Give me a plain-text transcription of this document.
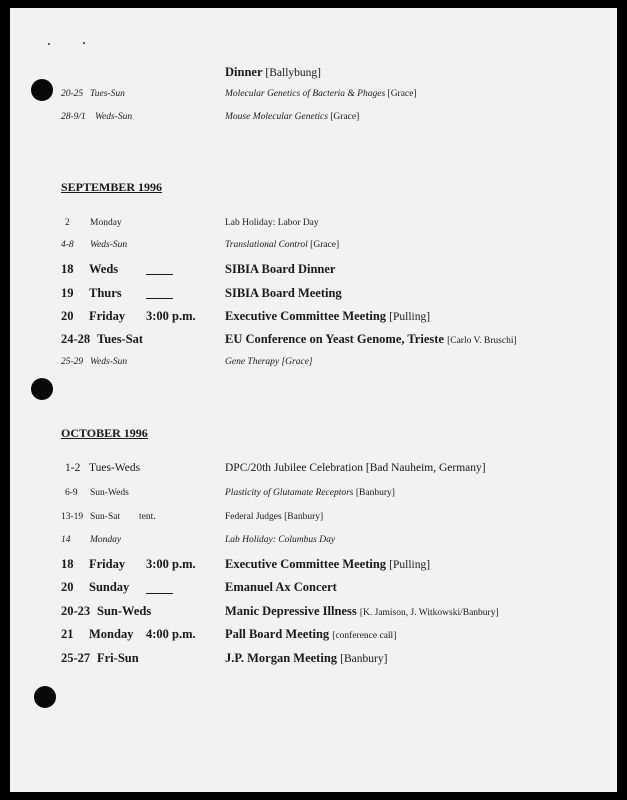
Dinner [Ballybung]
20-25 Tues-Sun	Molecular Genetics of Bacteria & Phages [Grace]
28-9/1 Weds-Sun	Mouse Molecular Genetics [Grace]
SEPTEMBER 1996
2 Monday	Lab Holiday: Labor Day
4-8 Weds-Sun	Translational Control [Grace]
18 Weds	SIBIA Board Dinner
19 Thurs	SIBIA Board Meeting
20 Friday 3:00 p.m. Executive Committee Meeting [Pulling]
24-28 Tues-Sat	EU Conference on Yeast Genome, Trieste [Carlo V. Bruschi]
25-29 Weds-Sun	Gene Therapy [Grace]
OCTOBER 1996
1-2 Tues-Weds	DPC/20th Jubilee Celebration [Bad Nauheim, Germany]
6-9 Sun-Weds	Plasticity of Glutamate Receptors [Banbury]
13-19 Sun-Sat tent.	Federal Judges [Banbury]
14 Monday	Lab Holiday: Columbus Day
18 Friday 3:00 p.m. Executive Committee Meeting [Pulling]
20 Sunday	Emanuel Ax Concert
20-23 Sun-Weds	Manic Depressive Illness [K. Jamison, J. Witkowski/Banbury]
21 Monday 4:00 p.m. Pall Board Meeting [conference call]
25-27 Fri-Sun	J.P. Morgan Meeting [Banbury]
